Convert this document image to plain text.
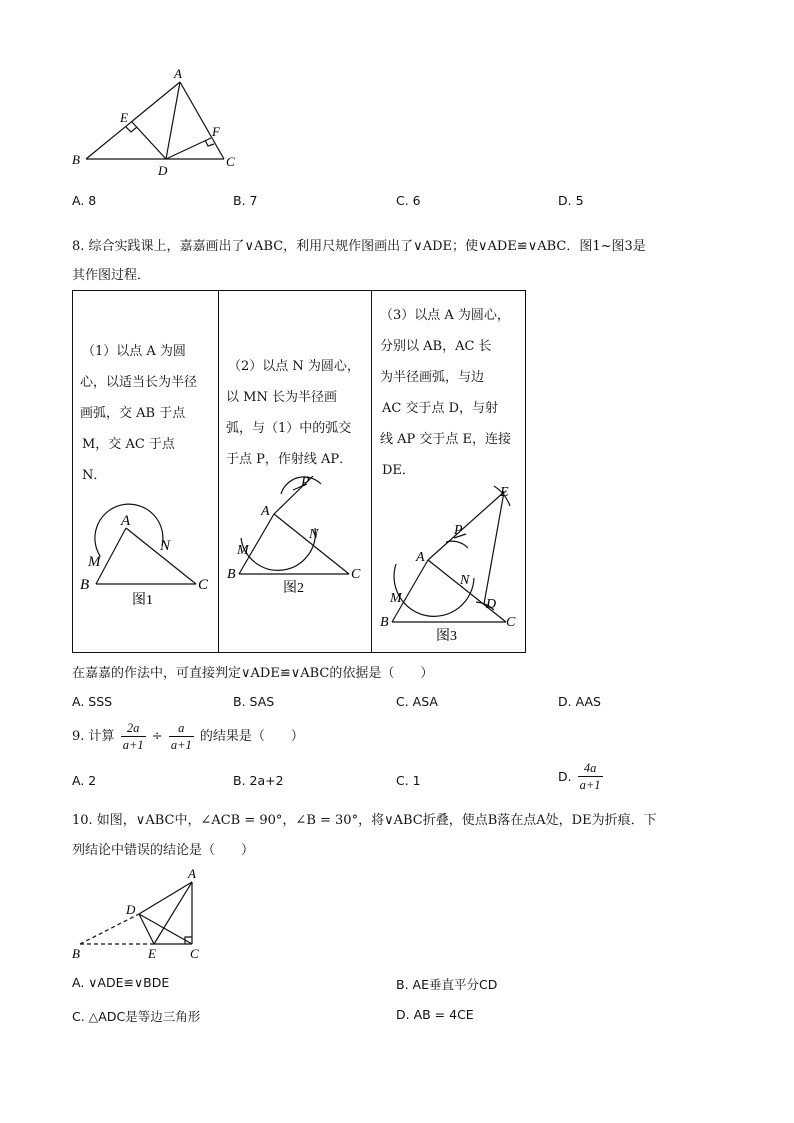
A
B	C
D
E
F
A. 8	B. 7	C. 6	D. 5
8. 综合实践课上，嘉嘉画出了∨ABC，利用尺规作图画出了∨ADE；使∨ADE≌∨ABC．图1~图3是
其作图过程．
（1）以点 A 为圆
心，以适当长为半径
画弧，交 AB 于点
M，交 AC 于点
N．
（2）以点 N 为圆心，
以 MN 长为半径画
弧，与（1）中的弧交
于点 P，作射线 AP．
（3）以点 A 为圆心，
分别以 AB，AC 长
为半径画弧，与边
AC 交于点 D，与射
线 AP 交于点 E，连接
DE．
A
B	C
M
N
图1
A
B	C
M
N
P
图2
A
B	C
M
N
P
D
E
图3
在嘉嘉的作法中，可直接判定∨ADE≌∨ABC的依据是（　　）
A. SSS	B. SAS	C. ASA	D. AAS
9. 计算 $\frac{2a}{a+1} \div \frac{a}{a+1}$ 的结果是（　　）
A. 2	B. 2a+2	C. 1	D. $\frac{4a}{a+1}$
10. 如图，∨ABC中，∠ACB = 90°，∠B = 30°，将∨ABC折叠，使点B落在点A处，DE为折痕．下
列结论中错误的结论是（　　）
A
B	C
D
E
A. ∨ADE≌∨BDE	B. AE垂直平分CD
C. △ADC是等边三角形	D. AB = 4CE
